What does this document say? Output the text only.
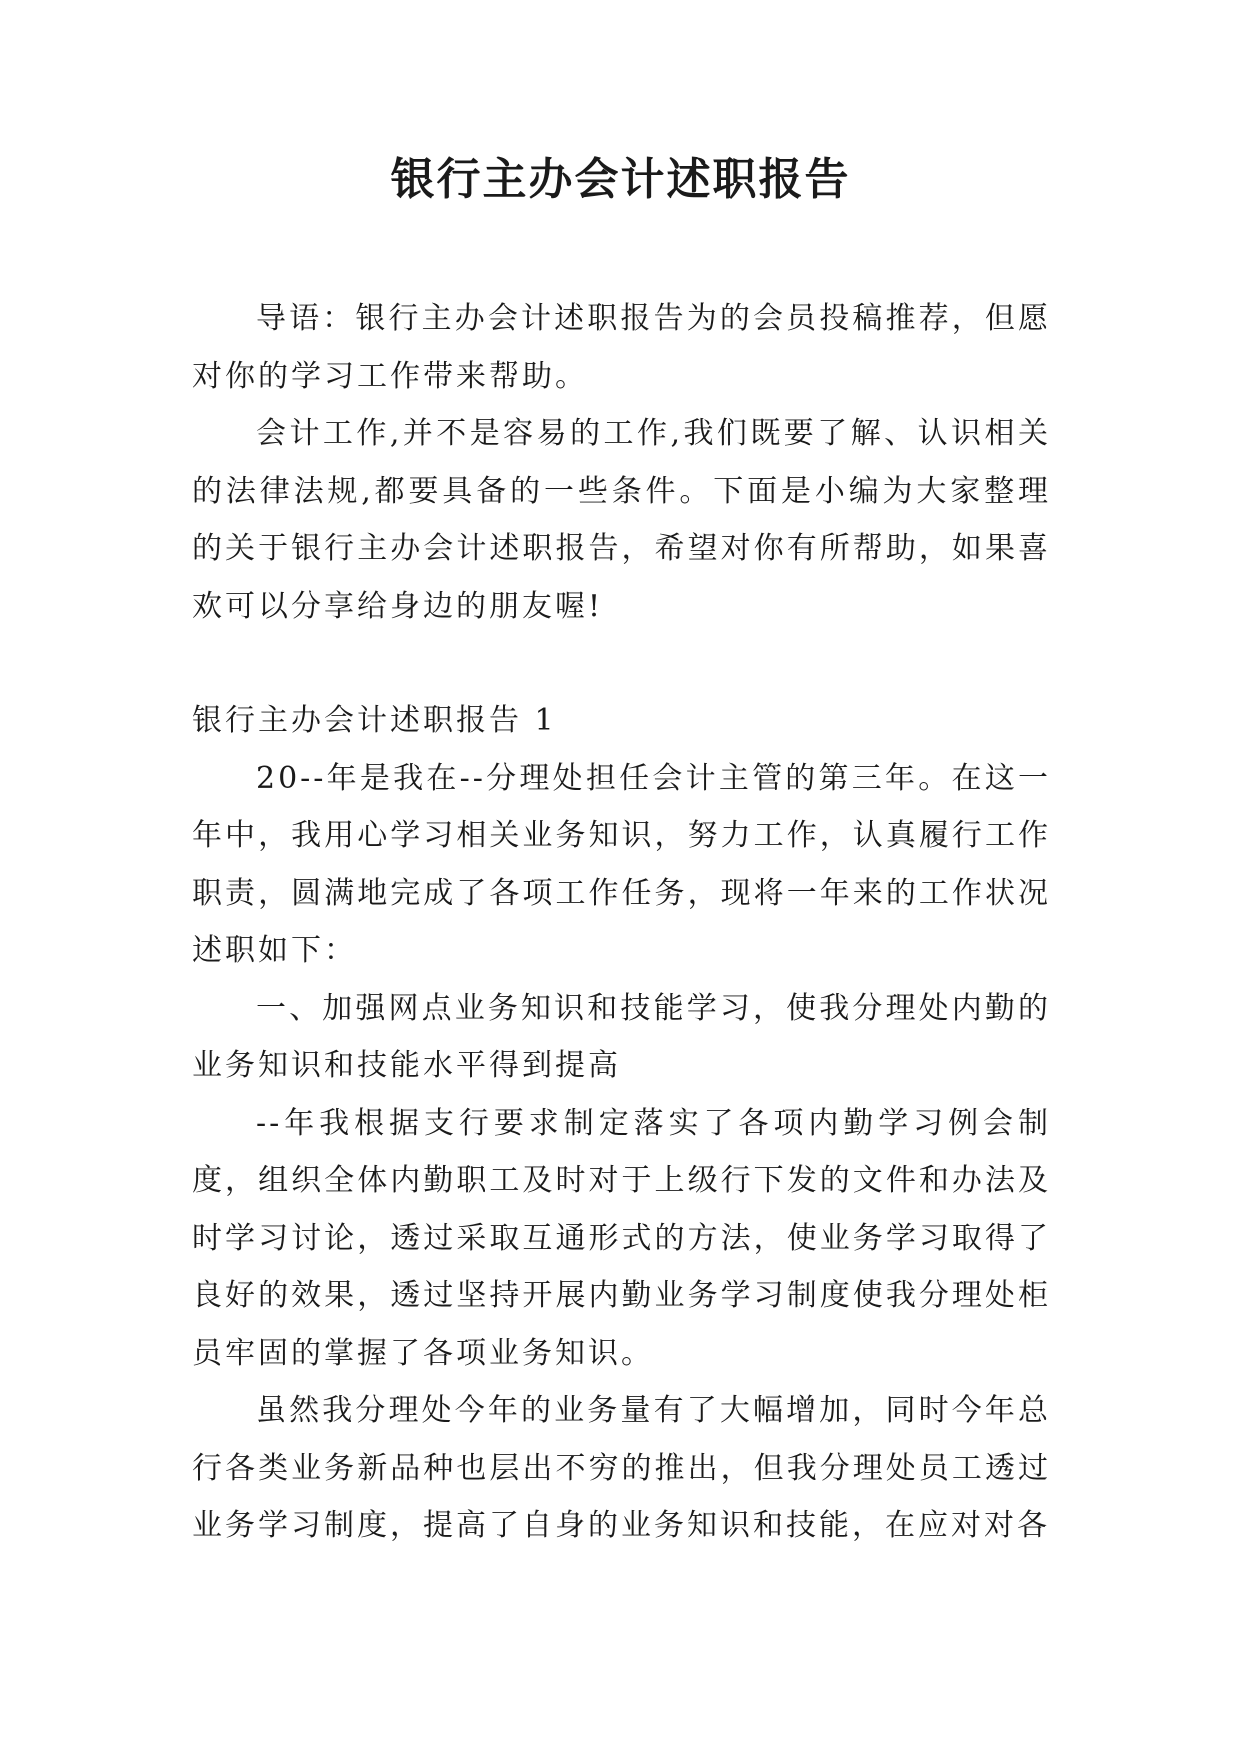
银行主办会计述职报告

导语：银行主办会计述职报告为的会员投稿推荐，但愿对你的学习工作带来帮助。

会计工作,并不是容易的工作,我们既要了解、认识相关的法律法规,都要具备的一些条件。下面是小编为大家整理的关于银行主办会计述职报告，希望对你有所帮助，如果喜欢可以分享给身边的朋友喔!

银行主办会计述职报告 1

20--年是我在--分理处担任会计主管的第三年。在这一年中，我用心学习相关业务知识，努力工作，认真履行工作职责，圆满地完成了各项工作任务，现将一年来的工作状况述职如下：

一、加强网点业务知识和技能学习，使我分理处内勤的业务知识和技能水平得到提高

--年我根据支行要求制定落实了各项内勤学习例会制度，组织全体内勤职工及时对于上级行下发的文件和办法及时学习讨论，透过采取互通形式的方法，使业务学习取得了良好的效果，透过坚持开展内勤业务学习制度使我分理处柜员牢固的掌握了各项业务知识。

虽然我分理处今年的业务量有了大幅增加，同时今年总行各类业务新品种也层出不穷的推出，但我分理处员工透过业务学习制度，提高了自身的业务知识和技能，在应对对各
